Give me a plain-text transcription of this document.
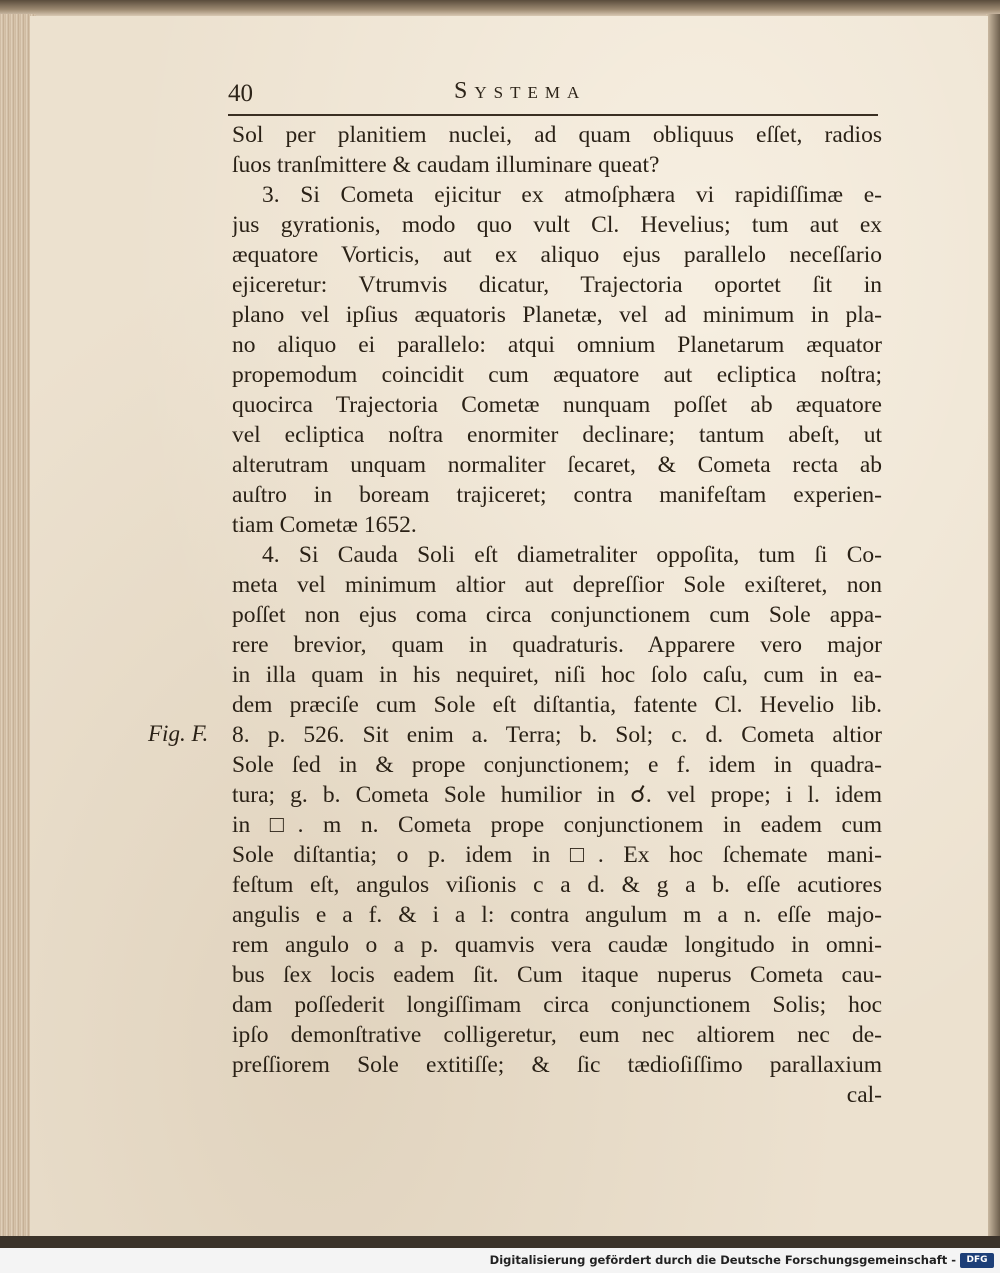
40	Systema
Fig. F.
Sol per planitiem nuclei, ad quam obliquus eſſet, radios
ſuos tranſmittere & caudam illuminare queat?
3. Si Cometa ejicitur ex atmoſphæra vi rapidiſſimæ e-
jus gyrationis, modo quo vult Cl. Hevelius; tum aut ex
æquatore Vorticis, aut ex aliquo ejus parallelo neceſſario
ejiceretur: Vtrumvis dicatur, Trajectoria oportet ſit in
plano vel ipſius æquatoris Planetæ, vel ad minimum in pla-
no aliquo ei parallelo: atqui omnium Planetarum æquator
propemodum coincidit cum æquatore aut ecliptica noſtra;
quocirca Trajectoria Cometæ nunquam poſſet ab æquatore
vel ecliptica noſtra enormiter declinare; tantum abeſt, ut
alterutram unquam normaliter ſecaret, & Cometa recta ab
auſtro in boream trajiceret; contra manifeſtam experien-
tiam Cometæ 1652.
4. Si Cauda Soli eſt diametraliter oppoſita, tum ſi Co-
meta vel minimum altior aut depreſſior Sole exiſteret, non
poſſet non ejus coma circa conjunctionem cum Sole appa-
rere brevior, quam in quadraturis. Apparere vero major
in illa quam in his nequiret, niſi hoc ſolo caſu, cum in ea-
dem præciſe cum Sole eſt diſtantia, fatente Cl. Hevelio lib.
8. p. 526. Sit enim a. Terra; b. Sol; c. d. Cometa altior
Sole ſed in & prope conjunctionem; e f. idem in quadra-
tura; g. b. Cometa Sole humilior in ☌. vel prope; i l. idem
in □. m n. Cometa prope conjunctionem in eadem cum
Sole diſtantia; o p. idem in □. Ex hoc ſchemate mani-
feſtum eſt, angulos viſionis c a d. & g a b. eſſe acutiores
angulis e a f. & i a l: contra angulum m a n. eſſe majo-
rem angulo o a p. quamvis vera caudæ longitudo in omni-
bus ſex locis eadem ſit. Cum itaque nuperus Cometa cau-
dam poſſederit longiſſimam circa conjunctionem Solis; hoc
ipſo demonſtrative colligeretur, eum nec altiorem nec de-
preſſiorem Sole extitiſſe; & ſic tædioſiſſimo parallaxium
cal-
Digitalisierung gefördert durch die Deutsche Forschungsgemeinschaft -	DFG
